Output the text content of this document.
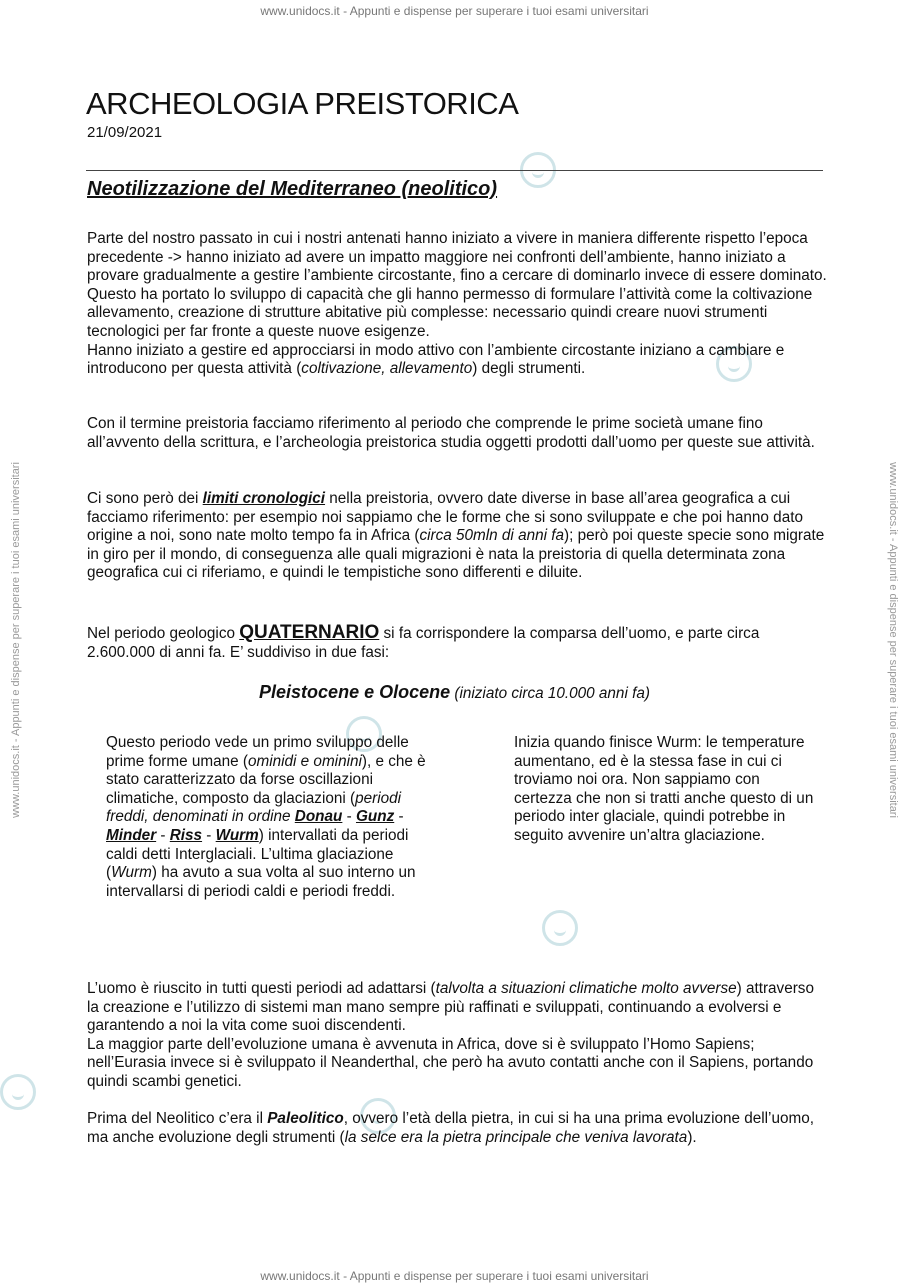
www.unidocs.it - Appunti e dispense per superare i tuoi esami universitari
www.unidocs.it - Appunti e dispense per superare i tuoi esami universitari
www.unidocs.it - Appunti e dispense per superare i tuoi esami universitari	www.unidocs.it - Appunti e dispense per superare i tuoi esami universitari
ARCHEOLOGIA PREISTORICA
21/09/2021
Neotilizzazione del Mediterraneo (neolitico)
Parte del nostro passato in cui i nostri antenati hanno iniziato a vivere in maniera differente rispetto l’epoca precedente -> hanno iniziato ad avere un impatto maggiore nei confronti dell’ambiente, hanno iniziato a provare gradualmente a gestire l’ambiente circostante, fino a cercare di dominarlo invece di essere dominato. Questo ha portato lo sviluppo di capacità che gli hanno permesso di formulare l’attività come la coltivazione allevamento, creazione di strutture abitative più complesse: necessario quindi creare nuovi strumenti tecnologici per far fronte a queste nuove esigenze.
Hanno iniziato a gestire ed approcciarsi in modo attivo con l’ambiente circostante iniziano a cambiare e introducono per questa attività (coltivazione, allevamento) degli strumenti.
Con il termine preistoria facciamo riferimento al periodo che comprende le prime società umane fino all’avvento della scrittura, e l’archeologia preistorica studia oggetti prodotti dall’uomo per queste sue attività.
Ci sono però dei limiti cronologici nella preistoria, ovvero date diverse in base all’area geografica a cui facciamo riferimento: per esempio noi sappiamo che le forme che si sono sviluppate e che poi hanno dato origine a noi, sono nate molto tempo fa in Africa (circa 50mln di anni fa); però poi queste specie sono migrate in giro per il mondo, di conseguenza alle quali migrazioni è nata la preistoria di quella determinata zona geografica cui ci riferiamo, e quindi le tempistiche sono differenti e diluite.
Nel periodo geologico QUATERNARIO si fa corrispondere la comparsa dell’uomo, e parte circa 2.600.000 di anni fa. E’ suddiviso in due fasi:
Pleistocene e Olocene (iniziato circa 10.000 anni fa)
Questo periodo vede un primo sviluppo delle prime forme umane (ominidi e ominini), e che è stato caratterizzato da forse oscillazioni climatiche, composto da glaciazioni (periodi freddi, denominati in ordine Donau - Gunz - Minder - Riss - Wurm) intervallati da periodi caldi detti Interglaciali. L’ultima glaciazione (Wurm) ha avuto a sua volta al suo interno un intervallarsi di periodi caldi e periodi freddi.
Inizia quando finisce Wurm: le temperature aumentano, ed è la stessa fase in cui ci troviamo noi ora. Non sappiamo con certezza che non si tratti anche questo di un periodo inter glaciale, quindi potrebbe in seguito avvenire un’altra glaciazione.
L’uomo è riuscito in tutti questi periodi ad adattarsi (talvolta a situazioni climatiche molto avverse) attraverso la creazione e l’utilizzo di sistemi man mano sempre più raffinati e sviluppati, continuando a evolversi e garantendo a noi la vita come suoi discendenti.
La maggior parte dell’evoluzione umana è avvenuta in Africa, dove si è sviluppato l’Homo Sapiens; nell’Eurasia invece si è sviluppato il Neanderthal, che però ha avuto contatti anche con il Sapiens, portando quindi scambi genetici.
Prima del Neolitico c’era il Paleolitico, ovvero l’età della pietra, in cui si ha una prima evoluzione dell’uomo, ma anche evoluzione degli strumenti (la selce era la pietra principale che veniva lavorata).
